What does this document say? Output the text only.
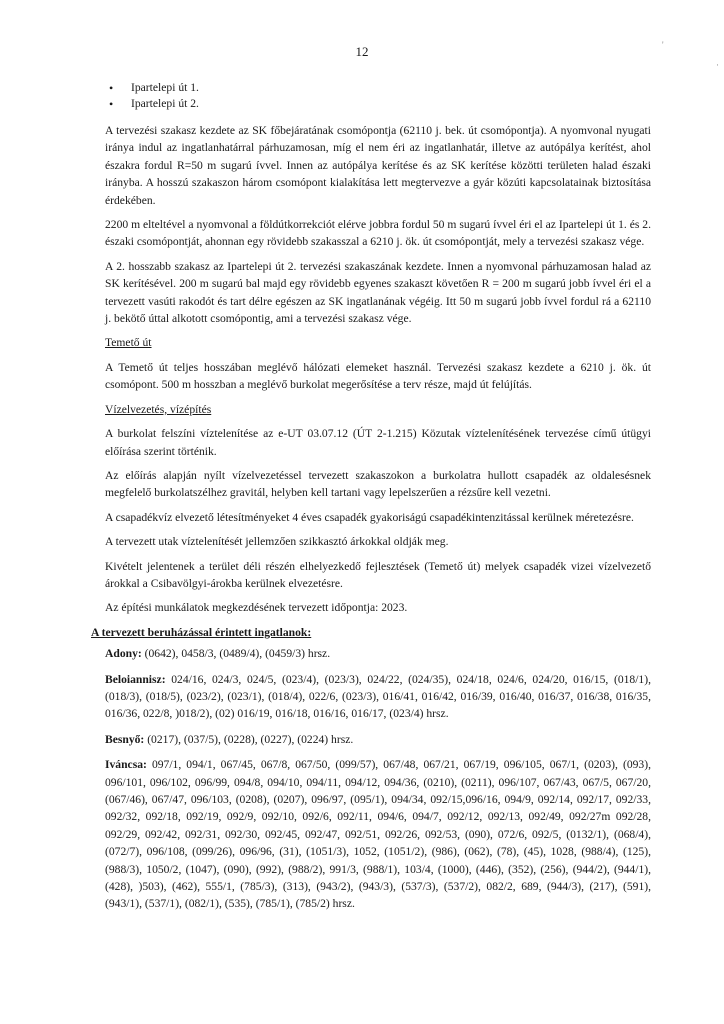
12	'
·
• Ipartelepi út 1.
• Ipartelepi út 2.

A tervezési szakasz kezdete az SK főbejáratának csomópontja (62110 j. bek. út csomópontja). A nyomvonal nyugati iránya indul az ingatlanhatárral párhuzamosan, míg el nem éri az ingatlanhatár, illetve az autópálya kerítést, ahol északra fordul R=50 m sugarú ívvel. Innen az autópálya kerítése és az SK kerítése közötti területen halad északi irányba. A hosszú szakaszon három csomópont kialakítása lett megtervezve a gyár közúti kapcsolatainak biztosítása érdekében.

2200 m elteltével a nyomvonal a földútkorrekciót elérve jobbra fordul 50 m sugarú ívvel éri el az Ipartelepi út 1. és 2. északi csomópontját, ahonnan egy rövidebb szakasszal a 6210 j. ök. út csomópontját, mely a tervezési szakasz vége.

A 2. hosszabb szakasz az Ipartelepi út 2. tervezési szakaszának kezdete. Innen a nyomvonal párhuzamosan halad az SK kerítésével. 200 m sugarú bal majd egy rövidebb egyenes szakaszt követően R = 200 m sugarú jobb ívvel éri el a tervezett vasúti rakodót és tart délre egészen az SK ingatlanának végéig. Itt 50 m sugarú jobb ívvel fordul rá a 62110 j. bekötő úttal alkotott csomópontig, ami a tervezési szakasz vége.

Temető út

A Temető út teljes hosszában meglévő hálózati elemeket használ. Tervezési szakasz kezdete a 6210 j. ök. út csomópont. 500 m hosszban a meglévő burkolat megerősítése a terv része, majd út felújítás.

Vízelvezetés, vízépítés

A burkolat felszíni víztelenítése az e-UT 03.07.12 (ÚT 2-1.215) Közutak víztelenítésének tervezése című útügyi előírása szerint történik.

Az előírás alapján nyílt vízelvezetéssel tervezett szakaszokon a burkolatra hullott csapadék az oldalesésnek megfelelő burkolatszélhez gravitál, helyben kell tartani vagy lepelszerűen a rézsűre kell vezetni.

A csapadékvíz elvezető létesítményeket 4 éves csapadék gyakoriságú csapadékintenzitással kerülnek méretezésre.

A tervezett utak víztelenítését jellemzően szikkasztó árkokkal oldják meg.

Kivételt jelentenek a terület déli részén elhelyezkedő fejlesztések (Temető út) melyek csapadék vizei vízelvezető árokkal a Csibavölgyi-árokba kerülnek elvezetésre.

Az építési munkálatok megkezdésének tervezett időpontja: 2023.

A tervezett beruházással érintett ingatlanok:

Adony: (0642), 0458/3, (0489/4), (0459/3) hrsz.

Beloiannisz: 024/16, 024/3, 024/5, (023/4), (023/3), 024/22, (024/35), 024/18, 024/6, 024/20, 016/15, (018/1), (018/3), (018/5), (023/2), (023/1), (018/4), 022/6, (023/3), 016/41, 016/42, 016/39, 016/40, 016/37, 016/38, 016/35, 016/36, 022/8, )018/2), (02) 016/19, 016/18, 016/16, 016/17, (023/4) hrsz.

Besnyő: (0217), (037/5), (0228), (0227), (0224) hrsz.

Iváncsa: 097/1, 094/1, 067/45, 067/8, 067/50, (099/57), 067/48, 067/21, 067/19, 096/105, 067/1, (0203), (093), 096/101, 096/102, 096/99, 094/8, 094/10, 094/11, 094/12, 094/36, (0210), (0211), 096/107, 067/43, 067/5, 067/20, (067/46), 067/47, 096/103, (0208), (0207), 096/97, (095/1), 094/34, 092/15,096/16, 094/9, 092/14, 092/17, 092/33, 092/32, 092/18, 092/19, 092/9, 092/10, 092/6, 092/11, 094/6, 094/7, 092/12, 092/13, 092/49, 092/27m 092/28, 092/29, 092/42, 092/31, 092/30, 092/45, 092/47, 092/51, 092/26, 092/53, (090), 072/6, 092/5, (0132/1), (068/4), (072/7), 096/108, (099/26), 096/96, (31), (1051/3), 1052, (1051/2), (986), (062), (78), (45), 1028, (988/4), (125), (988/3), 1050/2, (1047), (090), (992), (988/2), 991/3, (988/1), 103/4, (1000), (446), (352), (256), (944/2), (944/1), (428), )503), (462), 555/1, (785/3), (313), (943/2), (943/3), (537/3), (537/2), 082/2, 689, (944/3), (217), (591), (943/1), (537/1), (082/1), (535), (785/1), (785/2) hrsz.
